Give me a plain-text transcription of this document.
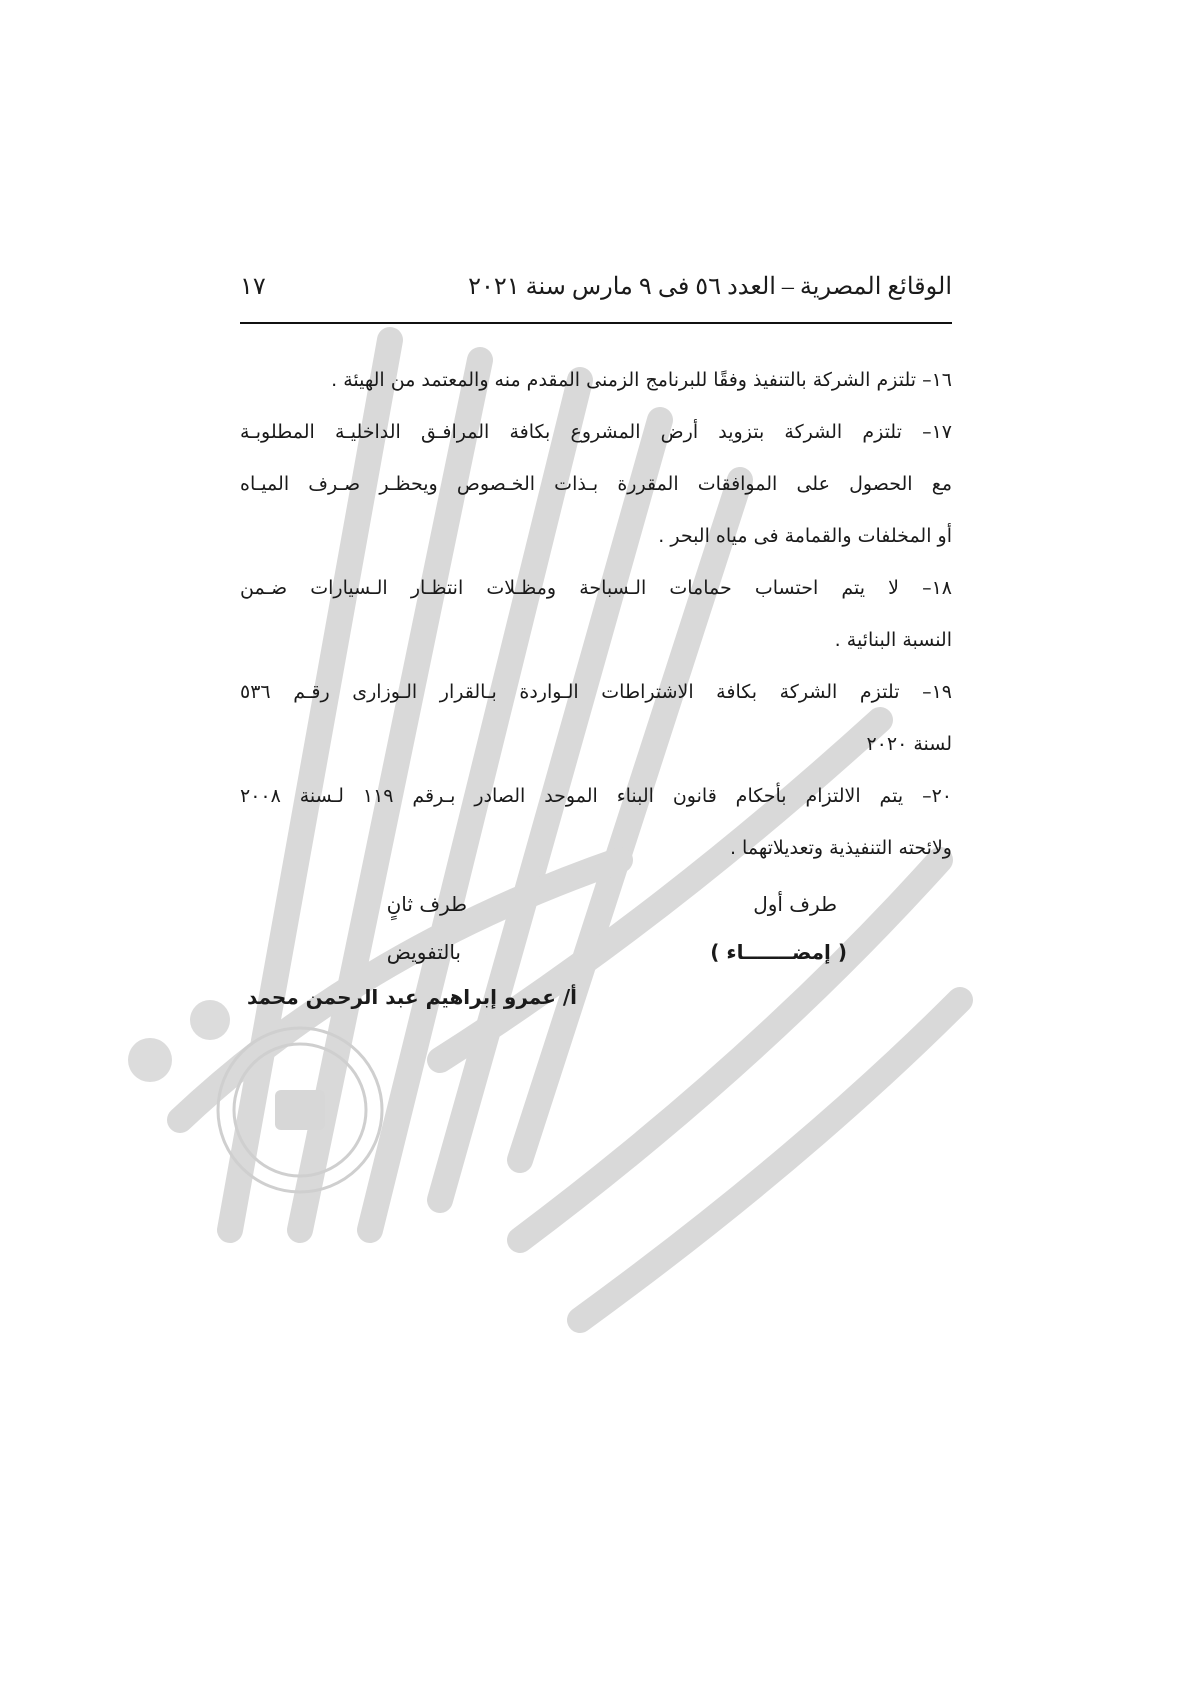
الوقائع المصرية – العدد ٥٦ فى ٩ مارس سنة ٢٠٢١
١٧
١٦– تلتزم الشركة بالتنفيذ وفقًا للبرنامج الزمنى المقدم منه والمعتمد من الهيئة .
١٧– تلتزم الشركة بتزويد أرض المشروع بكافة المرافـق الداخليـة المطلوبـة
مع الحصول على الموافقات المقررة بـذات الخـصوص ويحظـر صـرف الميـاه
أو المخلفات والقمامة فى مياه البحر .
١٨– لا يتم احتساب حمامات الـسباحة ومظـلات انتظـار الـسيارات ضـمن
النسبة البنائية .
١٩– تلتزم الشركة بكافة الاشتراطات الـواردة بـالقرار الـوزارى رقـم ٥٣٦
لسنة ٢٠٢٠
٢٠– يتم الالتزام بأحكام قانون البناء الموحد الصادر بـرقم ١١٩ لـسنة ٢٠٠٨
ولائحته التنفيذية وتعديلاتهما .
طرف أول
( إمضـــــــاء )
طرف ثانٍ
بالتفويض
أ/ عمرو إبراهيم عبد الرحمن محمد
